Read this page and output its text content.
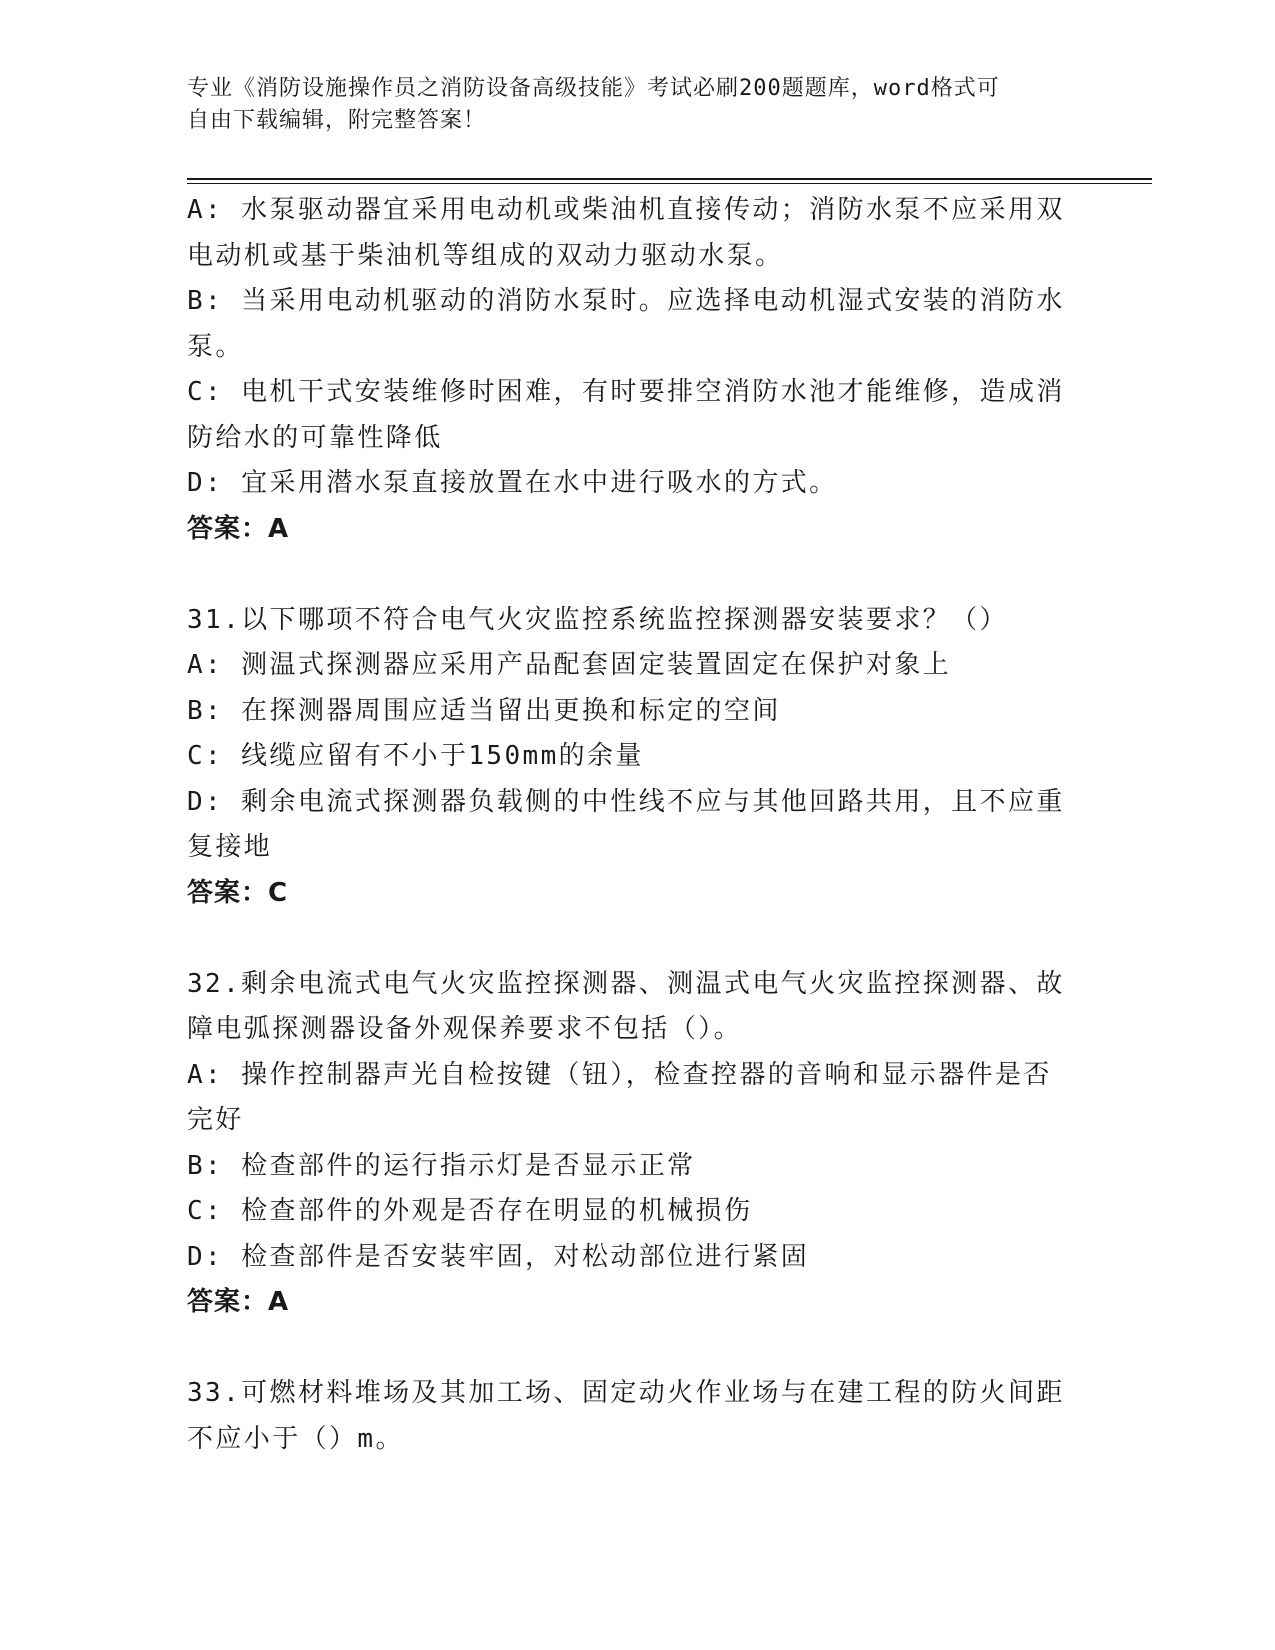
专业《消防设施操作员之消防设备高级技能》考试必刷200题题库，word格式可
自由下载编辑，附完整答案！
A: 水泵驱动器宜采用电动机或柴油机直接传动；消防水泵不应采用双
电动机或基于柴油机等组成的双动力驱动水泵。
B: 当采用电动机驱动的消防水泵时。应选择电动机湿式安装的消防水
泵。
C: 电机干式安装维修时困难，有时要排空消防水池才能维修，造成消
防给水的可靠性降低
D: 宜采用潜水泵直接放置在水中进行吸水的方式。
答案：A
31.以下哪项不符合电气火灾监控系统监控探测器安装要求？（）
A: 测温式探测器应采用产品配套固定装置固定在保护对象上
B: 在探测器周围应适当留出更换和标定的空间
C: 线缆应留有不小于150mm的余量
D: 剩余电流式探测器负载侧的中性线不应与其他回路共用，且不应重
复接地
答案：C
32.剩余电流式电气火灾监控探测器、测温式电气火灾监控探测器、故
障电弧探测器设备外观保养要求不包括（）。
A: 操作控制器声光自检按键（钮），检查控器的音响和显示器件是否
完好
B: 检查部件的运行指示灯是否显示正常
C: 检查部件的外观是否存在明显的机械损伤
D: 检查部件是否安装牢固，对松动部位进行紧固
答案：A
33.可燃材料堆场及其加工场、固定动火作业场与在建工程的防火间距
不应小于（）m。
